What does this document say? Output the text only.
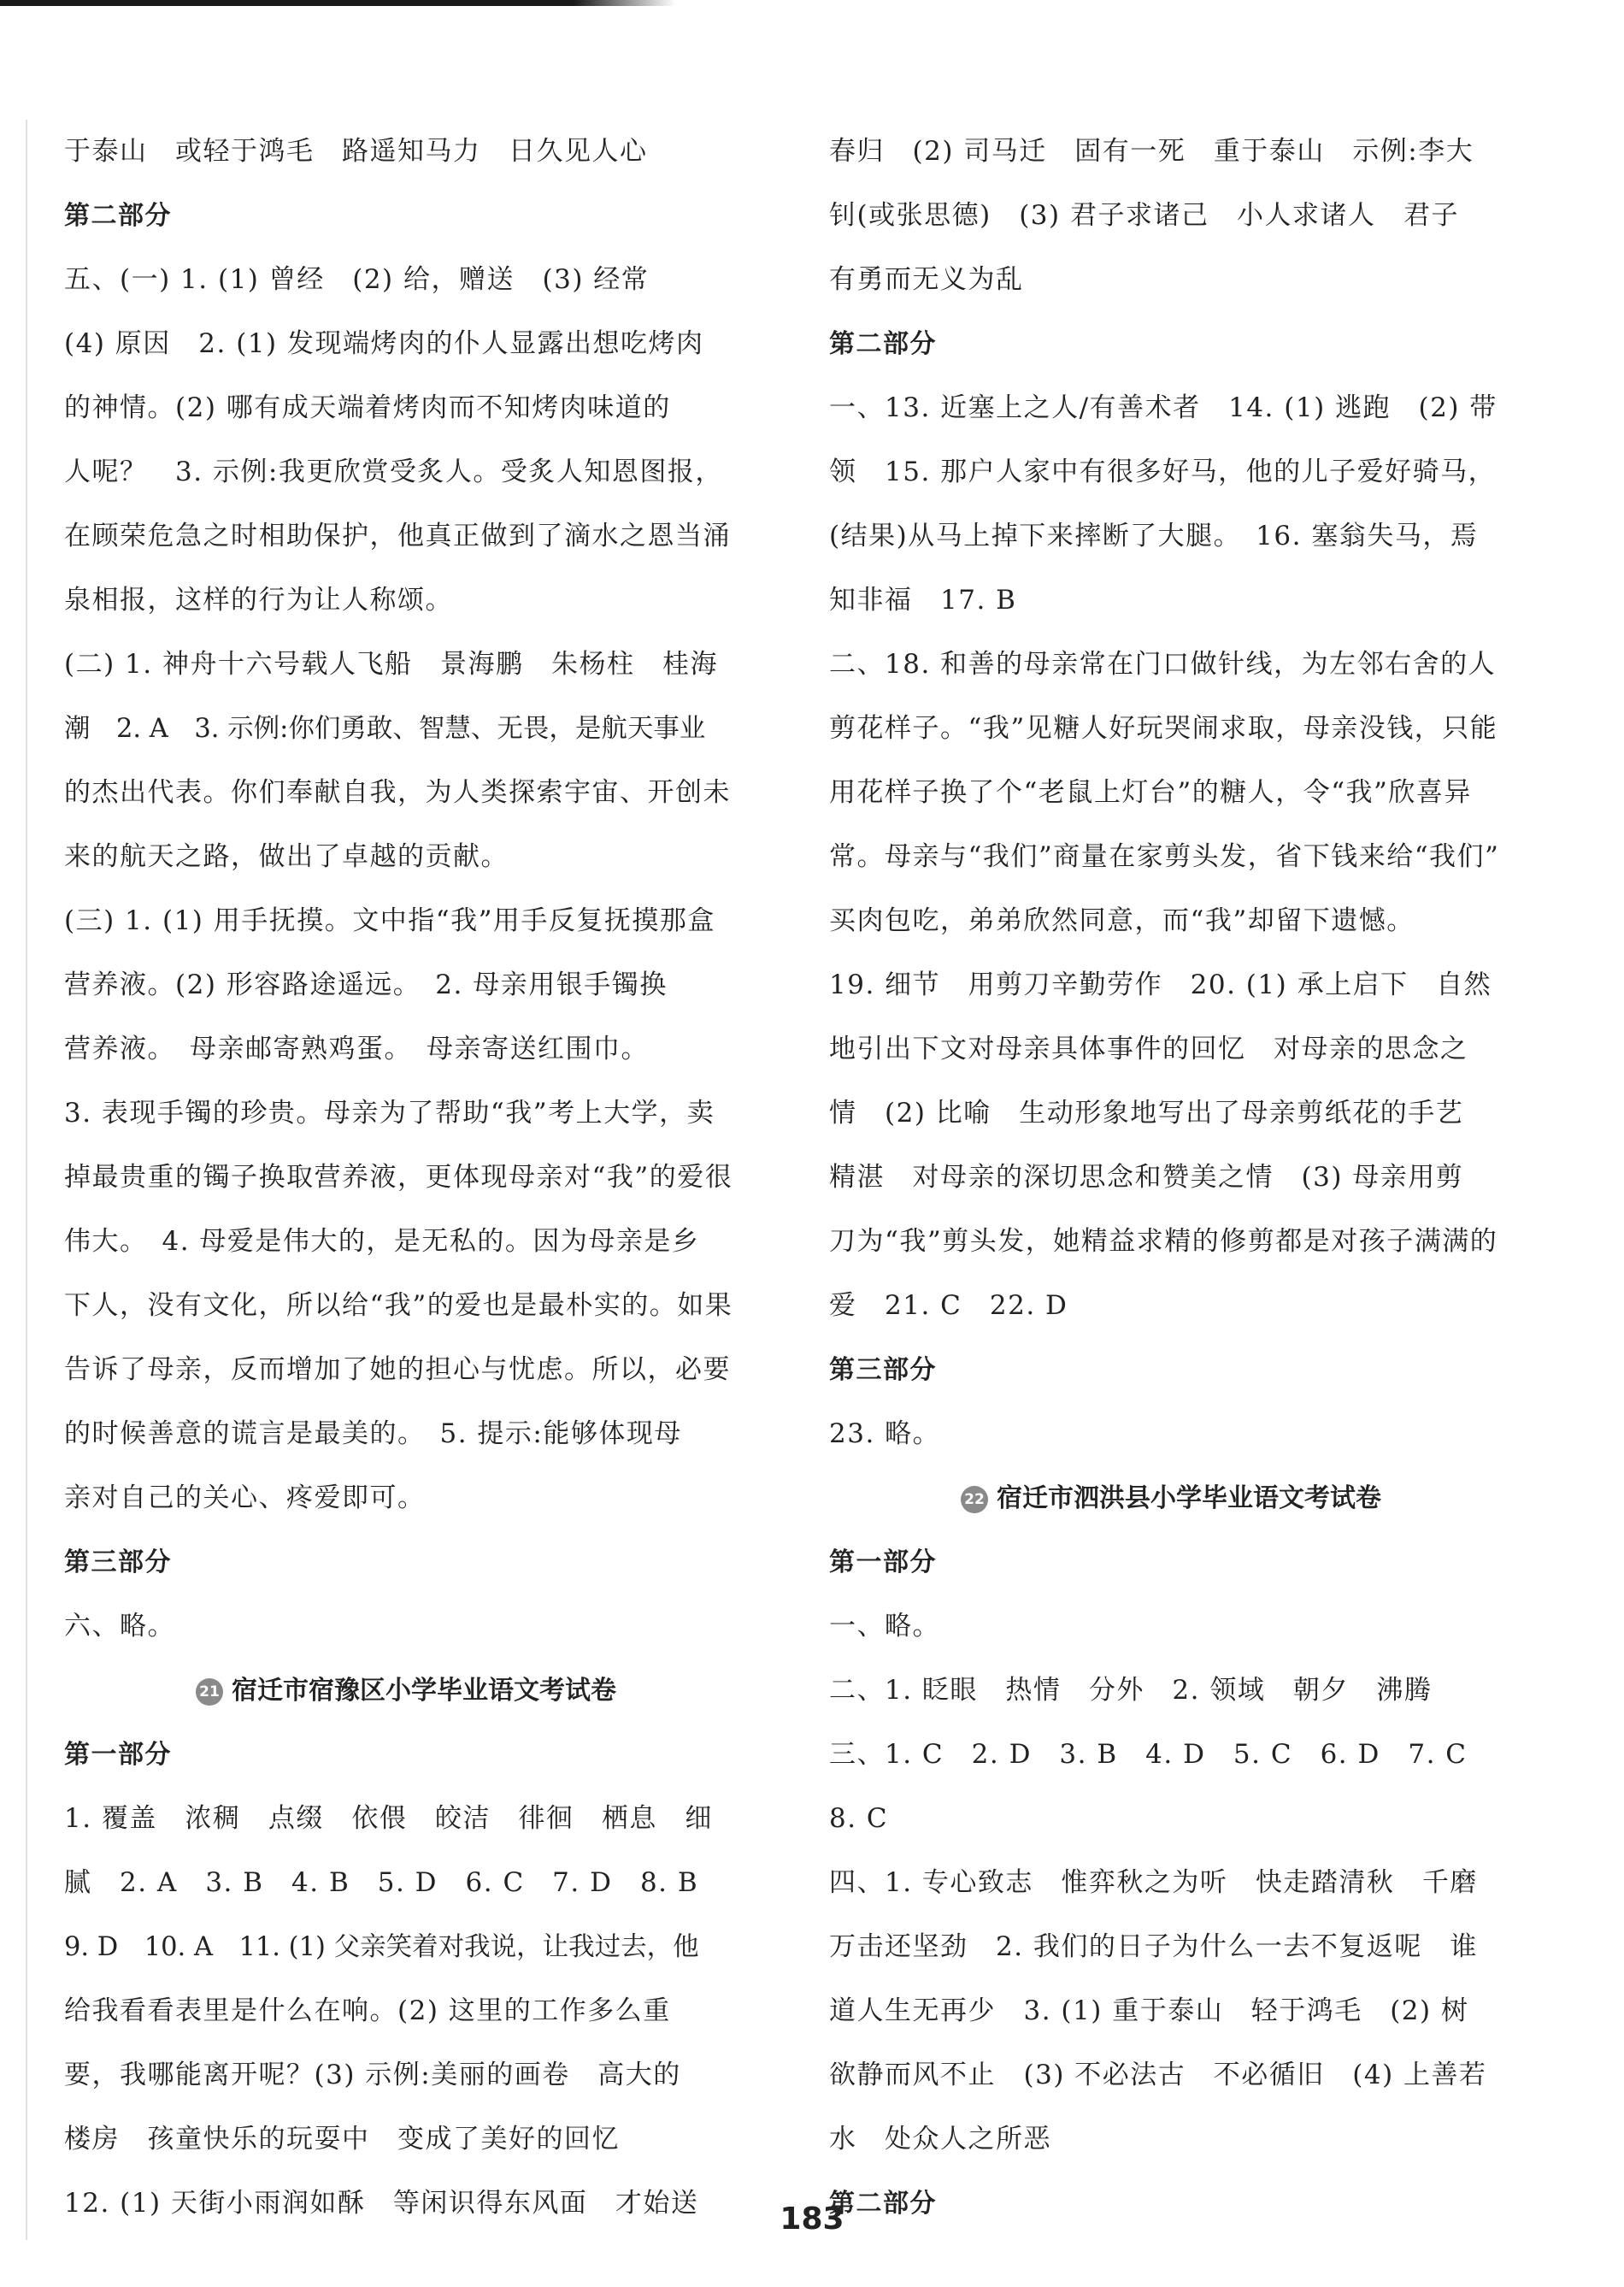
于泰山　或轻于鸿毛　路遥知马力　日久见人心
第二部分
五、(一) 1. (1) 曾经　(2) 给，赠送　(3) 经常
(4) 原因　2. (1) 发现端烤肉的仆人显露出想吃烤肉
的神情。(2) 哪有成天端着烤肉而不知烤肉味道的
人呢？　3. 示例:我更欣赏受炙人。受炙人知恩图报，
在顾荣危急之时相助保护，他真正做到了滴水之恩当涌
泉相报，这样的行为让人称颂。
(二) 1. 神舟十六号载人飞船　景海鹏　朱杨柱　桂海
潮　2. A　3. 示例:你们勇敢、智慧、无畏，是航天事业
的杰出代表。你们奉献自我，为人类探索宇宙、开创未
来的航天之路，做出了卓越的贡献。
(三) 1. (1) 用手抚摸。文中指“我”用手反复抚摸那盒
营养液。(2) 形容路途遥远。　2. 母亲用银手镯换
营养液。　母亲邮寄熟鸡蛋。　母亲寄送红围巾。
3. 表现手镯的珍贵。母亲为了帮助“我”考上大学，卖
掉最贵重的镯子换取营养液，更体现母亲对“我”的爱很
伟大。　4. 母爱是伟大的，是无私的。因为母亲是乡
下人，没有文化，所以给“我”的爱也是最朴实的。如果
告诉了母亲，反而增加了她的担心与忧虑。所以，必要
的时候善意的谎言是最美的。　5. 提示:能够体现母
亲对自己的关心、疼爱即可。
第三部分
六、略。
21 宿迁市宿豫区小学毕业语文考试卷
第一部分
1. 覆盖　浓稠　点缀　依偎　皎洁　徘徊　栖息　细
腻　2. A　3. B　4. B　5. D　6. C　7. D　8. B
9. D　10. A　11. (1) 父亲笑着对我说，让我过去，他
给我看看表里是什么在响。(2) 这里的工作多么重
要，我哪能离开呢？(3) 示例:美丽的画卷　高大的
楼房　孩童快乐的玩耍中　变成了美好的回忆
12. (1) 天街小雨润如酥　等闲识得东风面　才始送
春归　(2) 司马迁　固有一死　重于泰山　示例:李大
钊(或张思德)　(3) 君子求诸己　小人求诸人　君子
有勇而无义为乱
第二部分
一、13. 近塞上之人/有善术者　14. (1) 逃跑　(2) 带
领　15. 那户人家中有很多好马，他的儿子爱好骑马，
(结果)从马上掉下来摔断了大腿。　16. 塞翁失马，焉
知非福　17. B
二、18. 和善的母亲常在门口做针线，为左邻右舍的人
剪花样子。“我”见糖人好玩哭闹求取，母亲没钱，只能
用花样子换了个“老鼠上灯台”的糖人，令“我”欣喜异
常。母亲与“我们”商量在家剪头发，省下钱来给“我们”
买肉包吃，弟弟欣然同意，而“我”却留下遗憾。
19. 细节　用剪刀辛勤劳作　20. (1) 承上启下　自然
地引出下文对母亲具体事件的回忆　对母亲的思念之
情　(2) 比喻　生动形象地写出了母亲剪纸花的手艺
精湛　对母亲的深切思念和赞美之情　(3) 母亲用剪
刀为“我”剪头发，她精益求精的修剪都是对孩子满满的
爱　21. C　22. D
第三部分
23. 略。
22 宿迁市泗洪县小学毕业语文考试卷
第一部分
一、略。
二、1. 眨眼　热情　分外　2. 领域　朝夕　沸腾
三、1. C　2. D　3. B　4. D　5. C　6. D　7. C
8. C
四、1. 专心致志　惟弈秋之为听　快走踏清秋　千磨
万击还坚劲　2. 我们的日子为什么一去不复返呢　谁
道人生无再少　3. (1) 重于泰山　轻于鸿毛　(2) 树
欲静而风不止　(3) 不必法古　不必循旧　(4) 上善若
水　处众人之所恶
第二部分
183
